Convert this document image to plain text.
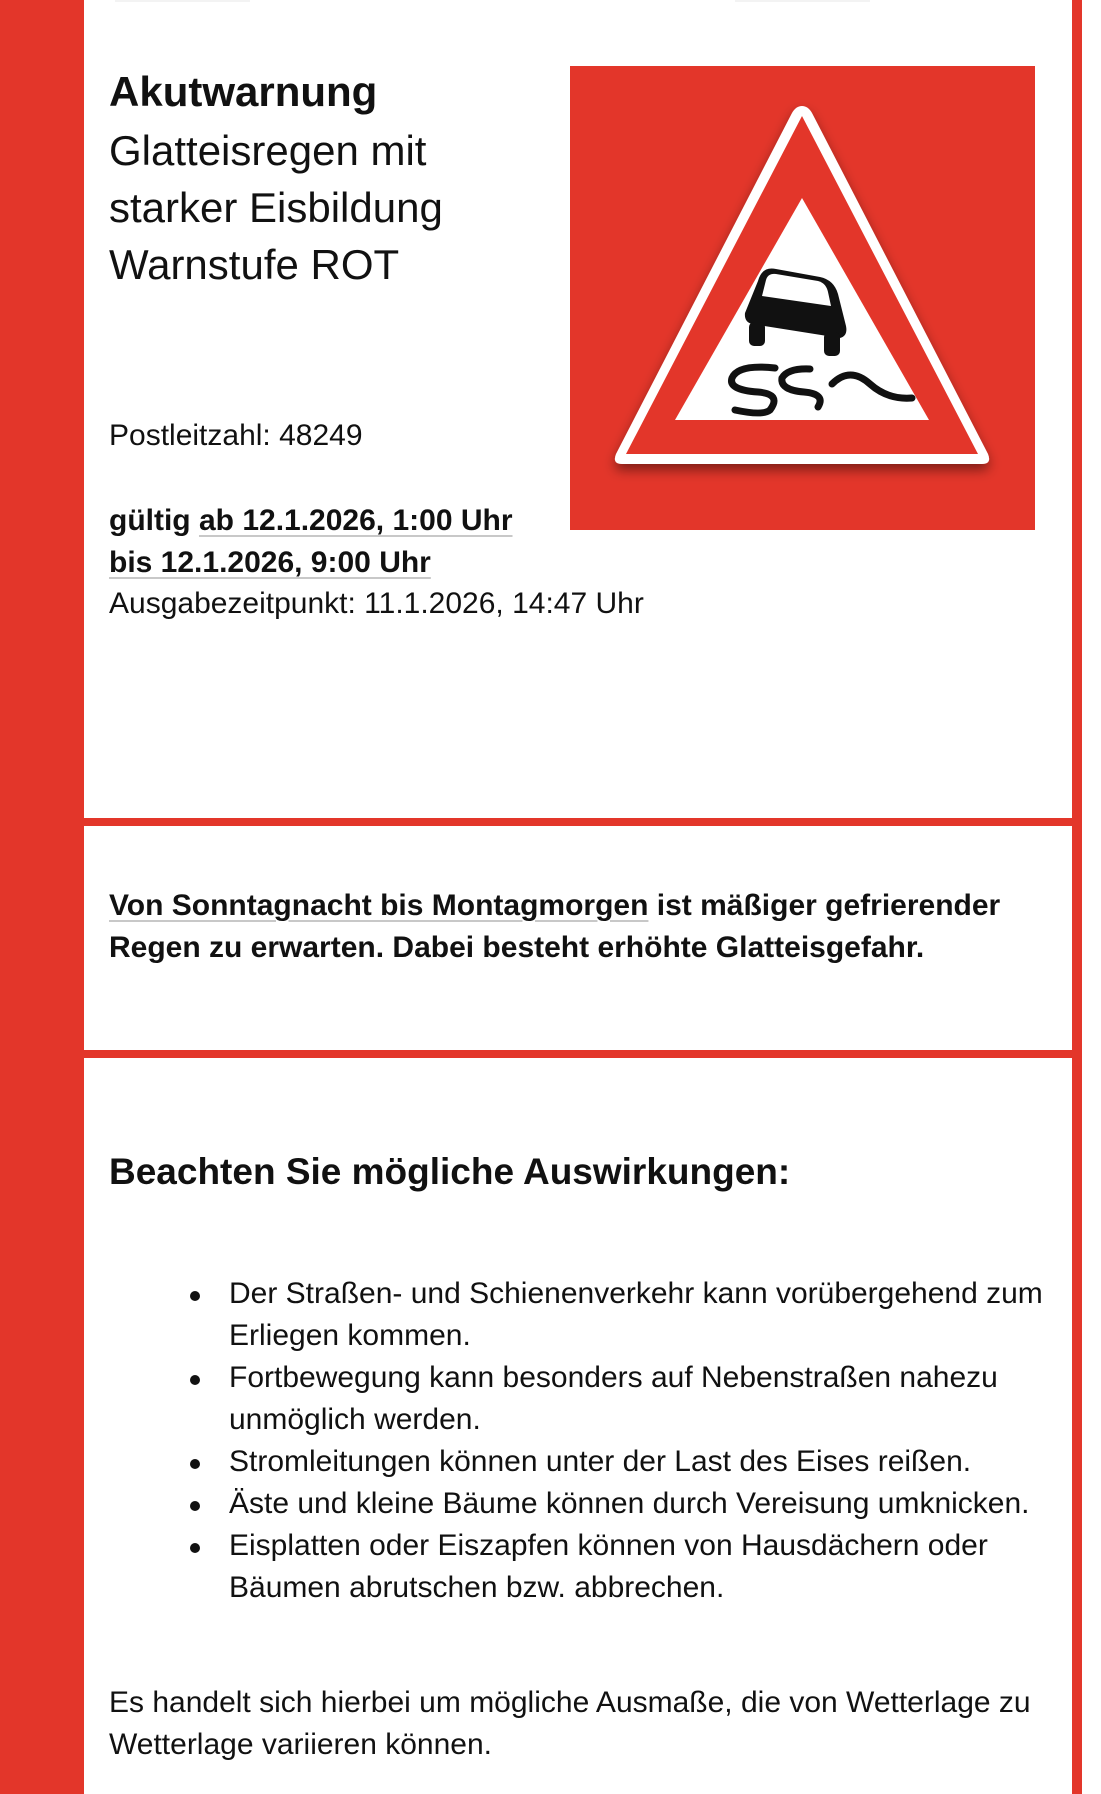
Akutwarnung
Glatteisregen mit
starker Eisbildung
Warnstufe ROT
Postleitzahl: 48249
gültig ab 12.1.2026, 1:00 Uhr
bis 12.1.2026, 9:00 Uhr
Ausgabezeitpunkt: 11.1.2026, 14:47 Uhr

Von Sonntagnacht bis Montagmorgen ist mäßiger gefrierender Regen zu erwarten. Dabei besteht erhöhte Glatteisgefahr.

Beachten Sie mögliche Auswirkungen:
Der Straßen- und Schienenverkehr kann vorübergehend zum Erliegen kommen.
Fortbewegung kann besonders auf Nebenstraßen nahezu unmöglich werden.
Stromleitungen können unter der Last des Eises reißen.
Äste und kleine Bäume können durch Vereisung umknicken.
Eisplatten oder Eiszapfen können von Hausdächern oder Bäumen abrutschen bzw. abbrechen.

Es handelt sich hierbei um mögliche Ausmaße, die von Wetterlage zu Wetterlage variieren können.
